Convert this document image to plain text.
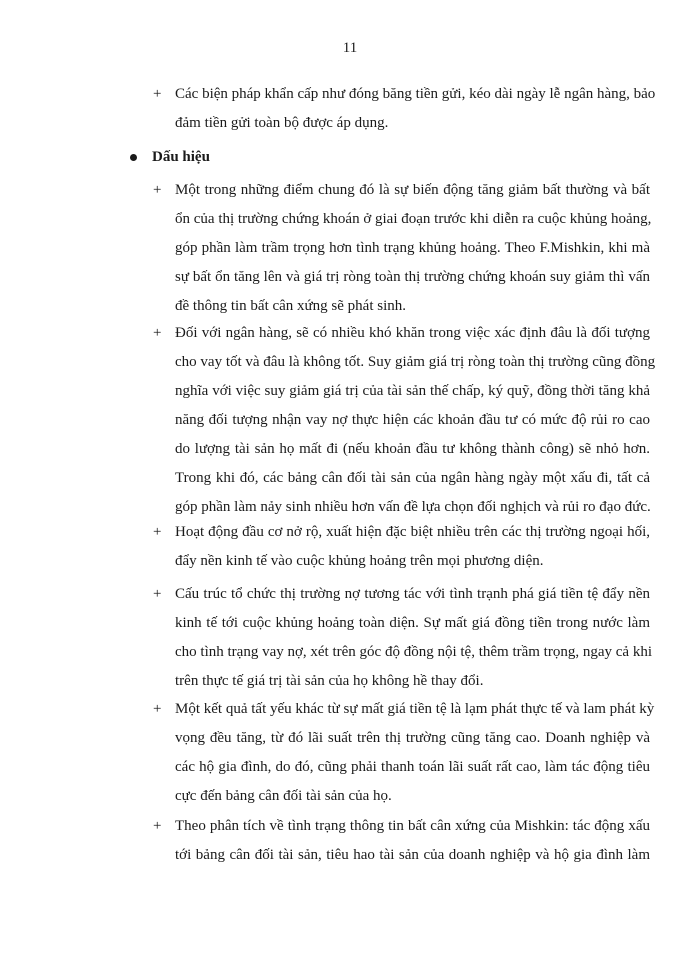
11
+ Các biện pháp khẩn cấp như đóng băng tiền gửi, kéo dài ngày lễ ngân hàng, bảo
đảm tiền gửi toàn bộ được áp dụng.
Dấu hiệu
+ Một trong những điểm chung đó là sự biến động tăng giảm bất thường và bất
ổn của thị trường chứng khoán ở giai đoạn trước khi diễn ra cuộc khủng hoảng,
góp phần làm trầm trọng hơn tình trạng khủng hoảng. Theo F.Mishkin, khi mà
sự bất ổn tăng lên và giá trị ròng toàn thị trường chứng khoán suy giảm thì vấn
đề thông tin bất cân xứng sẽ phát sinh.
+ Đối với ngân hàng, sẽ có nhiều khó khăn trong việc xác định đâu là đối tượng
cho vay tốt và đâu là không tốt. Suy giảm giá trị ròng toàn thị trường cũng đồng
nghĩa với việc suy giảm giá trị của tài sản thế chấp, ký quỹ, đồng thời tăng khả
năng đối tượng nhận vay nợ thực hiện các khoản đầu tư có mức độ rủi ro cao
do lượng tài sản họ mất đi (nếu khoản đầu tư không thành công) sẽ nhỏ hơn.
Trong khi đó, các bảng cân đối tài sản của ngân hàng ngày một xấu đi, tất cả
góp phần làm nảy sinh nhiều hơn vấn đề lựa chọn đối nghịch và rủi ro đạo đức.
+ Hoạt động đầu cơ nở rộ, xuất hiện đặc biệt nhiều trên các thị trường ngoại hối,
đẩy nền kinh tế vào cuộc khủng hoảng trên mọi phương diện.
+ Cấu trúc tổ chức thị trường nợ tương tác với tình trạnh phá giá tiền tệ đẩy nền
kinh tế tới cuộc khủng hoảng toàn diện. Sự mất giá đồng tiền trong nước làm
cho tình trạng vay nợ, xét trên góc độ đồng nội tệ, thêm trầm trọng, ngay cả khi
trên thực tế giá trị tài sản của họ không hề thay đổi.
+ Một kết quả tất yếu khác từ sự mất giá tiền tệ là lạm phát thực tế và lam phát kỳ
vọng đều tăng, từ đó lãi suất trên thị trường cũng tăng cao. Doanh nghiệp và
các hộ gia đình, do đó, cũng phải thanh toán lãi suất rất cao, làm tác động tiêu
cực đến bảng cân đối tài sản của họ.
+ Theo phân tích về tình trạng thông tin bất cân xứng của Mishkin: tác động xấu
tới bảng cân đối tài sản, tiêu hao tài sản của doanh nghiệp và hộ gia đình làm
